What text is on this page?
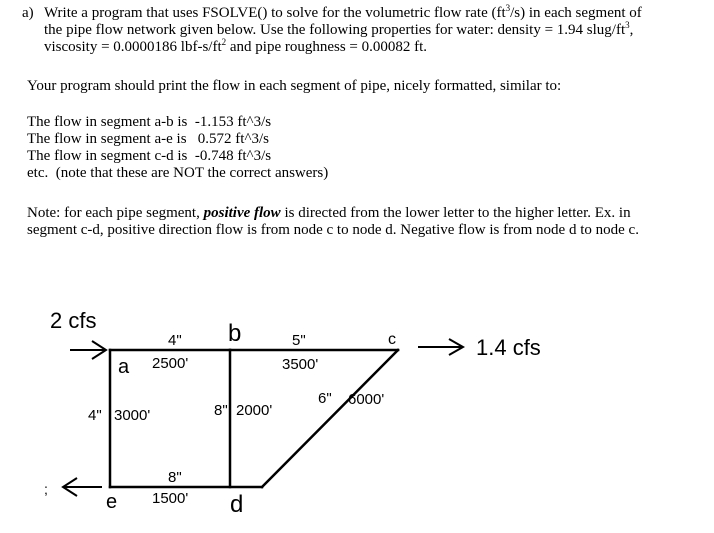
a) Write a program that uses FSOLVE() to solve for the volumetric flow rate $(ft^3/s)$ in each segment of
the pipe flow network given below. Use the following properties for water: density = 1.94 slug/$ft^3$,
viscosity = 0.0000186 lbf-$s/ft^2$ and pipe roughness = 0.00082 ft.
Your program should print the flow in each segment of pipe, nicely formatted, similar to:
The flow in segment a-b is  -1.153 ft^3/s
The flow in segment a-e is   0.572 ft^3/s
The flow in segment c-d is  -0.748 ft^3/s
etc.  (note that these are NOT the correct answers)
Note: for each pipe segment, positive flow is directed from the lower letter to the higher letter. Ex. in
segment c-d, positive direction flow is from node c to node d. Negative flow is from node d to node c.
2 cfs
1.4 cfs
;
a
b	c
d
e
4"
2500'
5"
3500'
4" 3000'	8" 2000'
6" 6000'
8"
1500'
